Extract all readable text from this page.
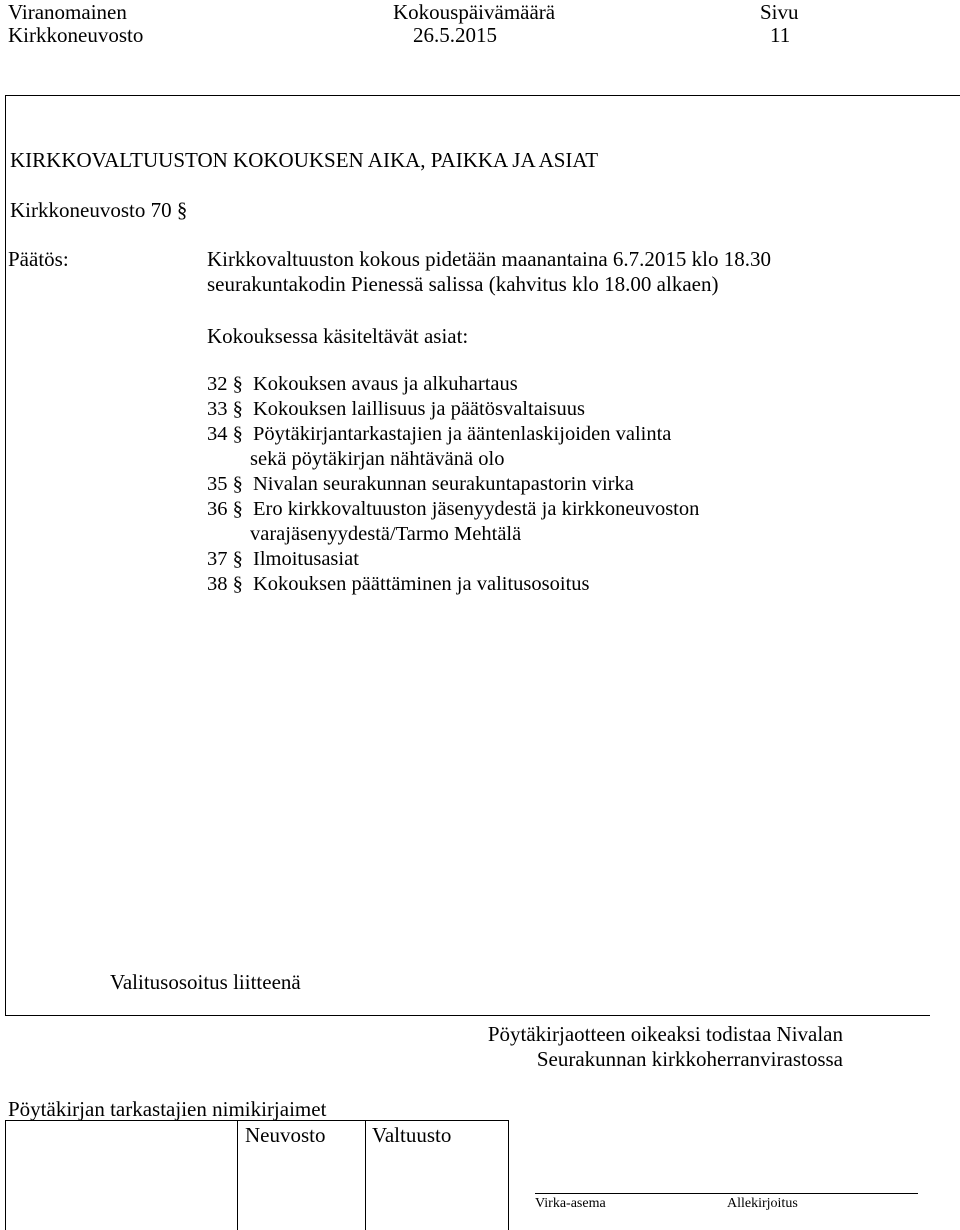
Viranomainen	Kokouspäivämäärä	Sivu
Kirkkoneuvosto	26.5.2015	11
KIRKKOVALTUUSTON KOKOUKSEN AIKA, PAIKKA JA ASIAT
Kirkkoneuvosto 70 §
Päätös:	Kirkkovaltuuston kokous pidetään maanantaina 6.7.2015 klo 18.30
seurakuntakodin Pienessä salissa (kahvitus klo 18.00 alkaen)
Kokouksessa käsiteltävät asiat:
32 § Kokouksen avaus ja alkuhartaus
33 § Kokouksen laillisuus ja päätösvaltaisuus
34 § Pöytäkirjantarkastajien ja ääntenlaskijoiden valinta
sekä pöytäkirjan nähtävänä olo
35 § Nivalan seurakunnan seurakuntapastorin virka
36 § Ero kirkkovaltuuston jäsenyydestä ja kirkkoneuvoston
varajäsenyydestä/Tarmo Mehtälä
37 § Ilmoitusasiat
38 § Kokouksen päättäminen ja valitusosoitus
Valitusosoitus liitteenä
Pöytäkirjaotteen oikeaksi todistaa Nivalan
Seurakunnan kirkkoherranvirastossa
Pöytäkirjan tarkastajien nimikirjaimet
Neuvosto Valtuusto
Virka-asema	Allekirjoitus
